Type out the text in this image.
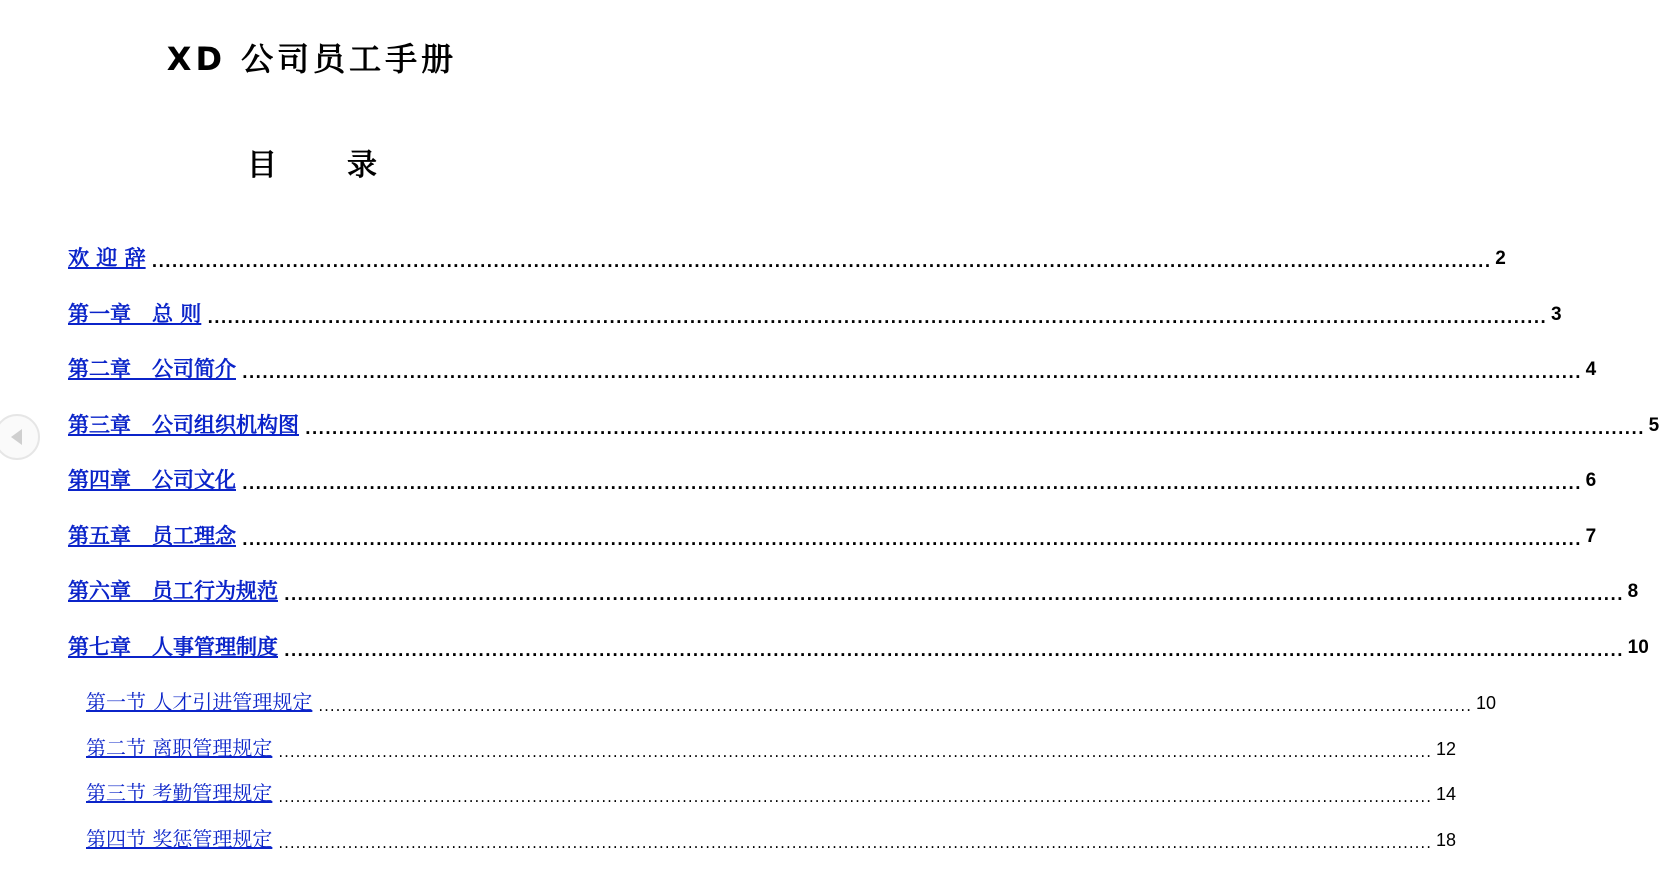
XD 公司员工手册
目 录
欢 迎 辞 ........................................................................................................................................................................................................ 2
第一章　总 则 ........................................................................................................................................................................................................ 3
第二章　公司简介 ........................................................................................................................................................................................................ 4
第三章　公司组织机构图 ........................................................................................................................................................................................................ 5
第四章　公司文化 ........................................................................................................................................................................................................ 6
第五章　员工理念 ........................................................................................................................................................................................................ 7
第六章　员工行为规范 ........................................................................................................................................................................................................ 8
第七章　人事管理制度 ........................................................................................................................................................................................................ 10
第一节 人才引进管理规定 ........................................................................................................................................................................................................ 10
第二节 离职管理规定 ........................................................................................................................................................................................................ 12
第三节 考勤管理规定 ........................................................................................................................................................................................................ 14
第四节 奖惩管理规定 ........................................................................................................................................................................................................ 18
